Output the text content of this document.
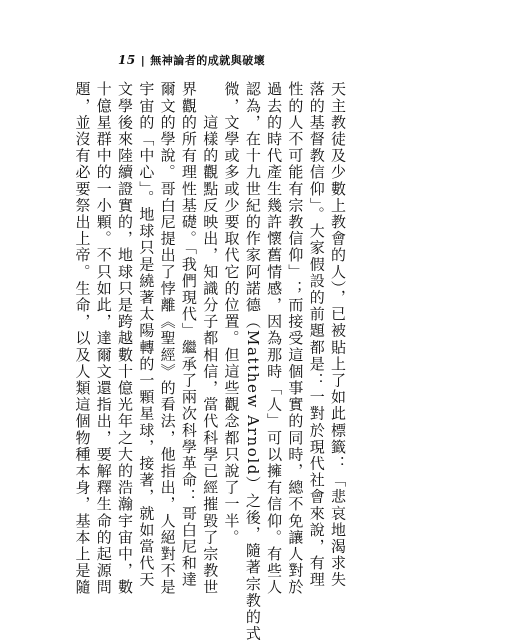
15 | 無神論者的成就與破壞
天主教徒及少數上教會的人），已被貼上了如此標籤：「悲哀地渴求失
落的基督教信仰」。大家假設的前題都是：一對於現代社會來說，有理
性的人不可能有宗教信仰」；而接受這個事實的同時，總不免讓人對於
過去的時代產生幾許懷舊情感，因為那時「人」可以擁有信仰。有些人
認為，在十九世紀的作家阿諾德（Matthew Arnold）之後，隨著宗教的式
微，文學或多或少要取代它的位置。但這些觀念都只說了一半。
　　這樣的觀點反映出，知識分子都相信，當代科學已經摧毀了宗教世
界觀的所有理性基礎。「我們現代」繼承了兩次科學革命：哥白尼和達
爾文的學說。哥白尼提出了悖離《聖經》的看法，他指出，人絕對不是
宇宙的「中心」。地球只是繞著太陽轉的一顆星球，接著，就如當代天
文學後來陸續證實的，地球只是跨越數十億光年之大的浩瀚宇宙中，數
十億星群中的一小顆。不只如此，達爾文還指出，要解釋生命的起源問
題，並沒有必要祭出上帝。生命，以及人類這個物種本身，基本上是隨
